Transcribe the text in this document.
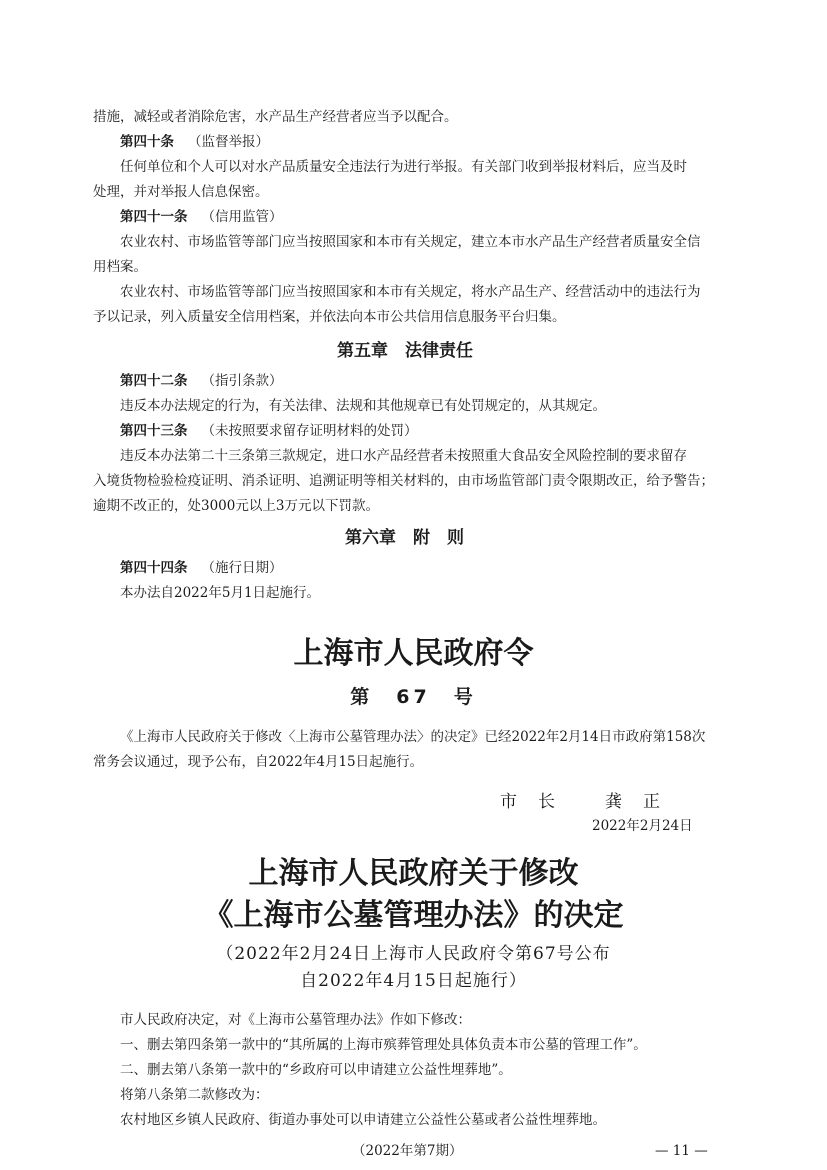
措施，减轻或者消除危害，水产品生产经营者应当予以配合。
第四十条 （监督举报）
任何单位和个人可以对水产品质量安全违法行为进行举报。有关部门收到举报材料后，应当及时
处理，并对举报人信息保密。
第四十一条 （信用监管）
农业农村、市场监管等部门应当按照国家和本市有关规定，建立本市水产品生产经营者质量安全信
用档案。
农业农村、市场监管等部门应当按照国家和本市有关规定，将水产品生产、经营活动中的违法行为
予以记录，列入质量安全信用档案，并依法向本市公共信用信息服务平台归集。
第五章　法律责任
第四十二条 （指引条款）
违反本办法规定的行为，有关法律、法规和其他规章已有处罚规定的，从其规定。
第四十三条 （未按照要求留存证明材料的处罚）
违反本办法第二十三条第三款规定，进口水产品经营者未按照重大食品安全风险控制的要求留存
入境货物检验检疫证明、消杀证明、追溯证明等相关材料的，由市场监管部门责令限期改正，给予警告；
逾期不改正的，处3000元以上3万元以下罚款。
第六章　附　则
第四十四条 （施行日期）
本办法自2022年5月1日起施行。
上海市人民政府令
第　67　号
《上海市人民政府关于修改〈上海市公墓管理办法〉的决定》已经2022年2月14日市政府第158次
常务会议通过，现予公布，自2022年4月15日起施行。
市　长	龚　正
2022年2月24日
上海市人民政府关于修改
《上海市公墓管理办法》的决定
（2022年2月24日上海市人民政府令第67号公布
自2022年4月15日起施行）
市人民政府决定，对《上海市公墓管理办法》作如下修改：
一、删去第四条第一款中的“其所属的上海市殡葬管理处具体负责本市公墓的管理工作”。
二、删去第八条第一款中的“乡政府可以申请建立公益性埋葬地”。
将第八条第二款修改为：
农村地区乡镇人民政府、街道办事处可以申请建立公益性公墓或者公益性埋葬地。
（2022年第7期）	— 11 —
